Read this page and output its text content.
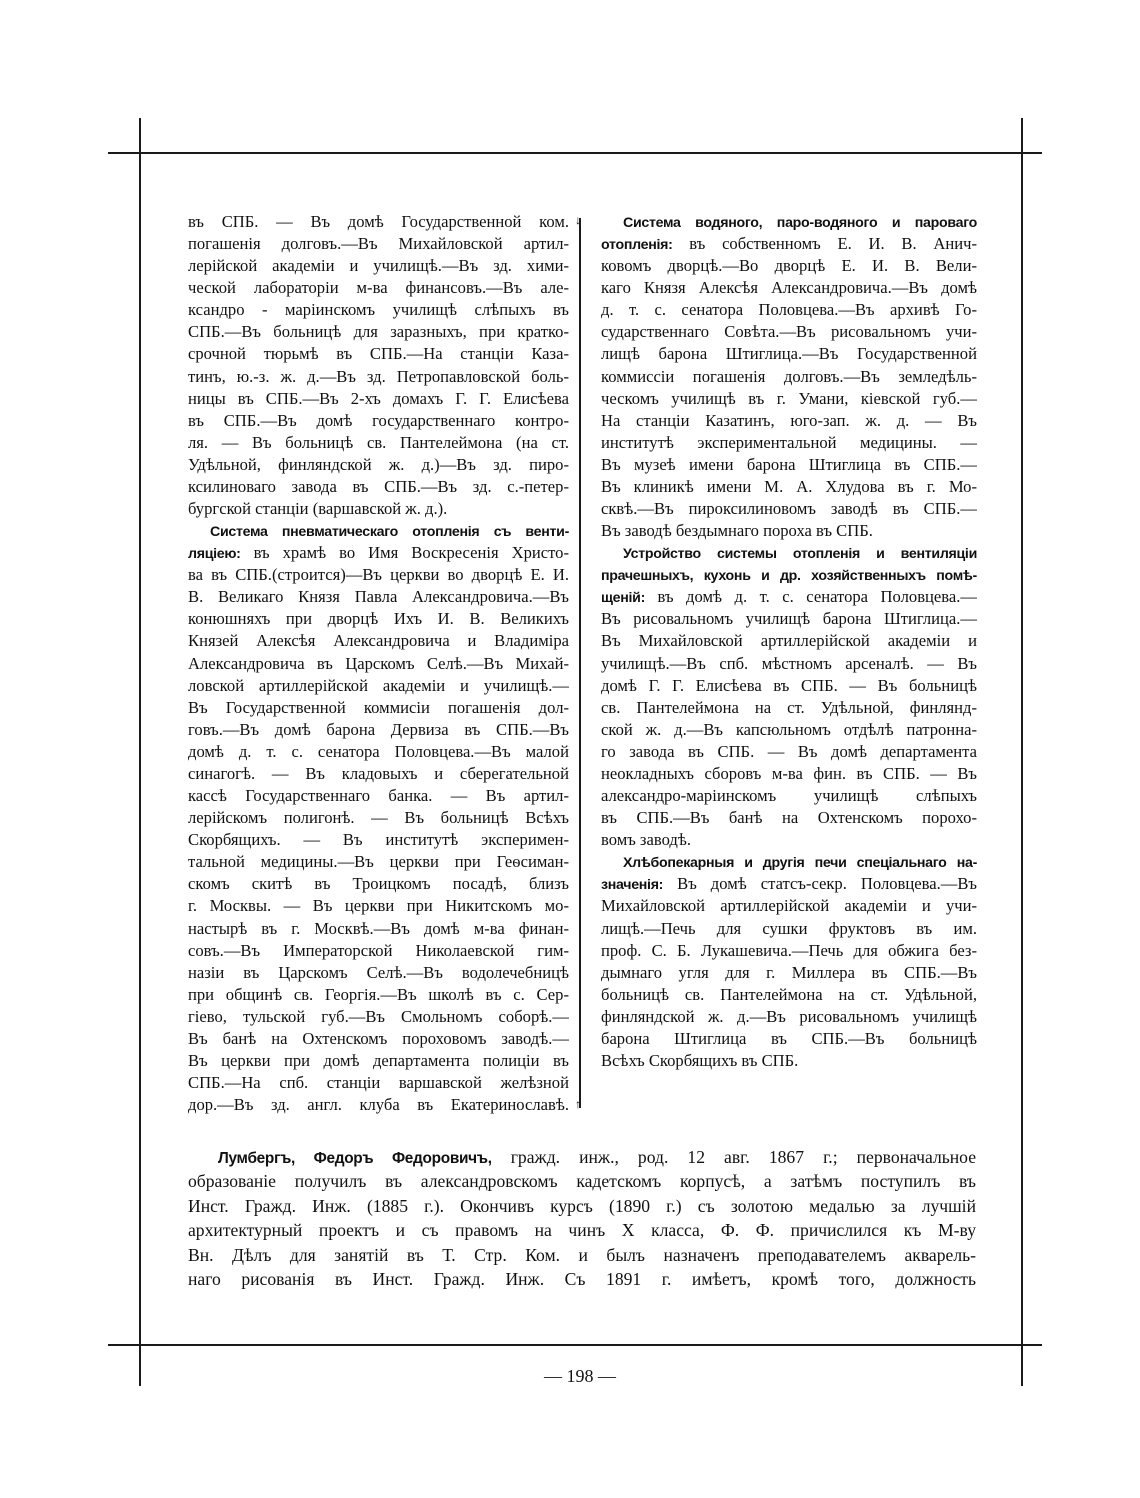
↓
↑
въ СПБ. — Въ домѣ Государственной ком.
погашенія долговъ.—Въ Михайловской артил-
лерійской академіи и училищѣ.—Въ зд. хими-
ческой лабораторіи м-ва финансовъ.—Въ але-
ксандро - маріинскомъ училищѣ слѣпыхъ въ
СПБ.—Въ больницѣ для заразныхъ, при кратко-
срочной тюрьмѣ въ СПБ.—На станціи Каза-
тинъ, ю.-з. ж. д.—Въ зд. Петропавловской боль-
ницы въ СПБ.—Въ 2-хъ домахъ Г. Г. Елисѣева
въ СПБ.—Въ домѣ государственнаго контро-
ля. — Въ больницѣ св. Пантелеймона (на ст.
Удѣльной, финляндской ж. д.)—Въ зд. пиро-
ксилиноваго завода въ СПБ.—Въ зд. с.-петер-
бургской станціи (варшавской ж. д.).
Система пневматическаго отопленія съ венти-
ляціею: въ храмѣ во Имя Воскресенія Христо-
ва въ СПБ.(строится)—Въ церкви во дворцѣ Е. И.
В. Великаго Князя Павла Александровича.—Въ
конюшняхъ при дворцѣ Ихъ И. В. Великихъ
Князей Алексѣя Александровича и Владиміра
Александровича въ Царскомъ Селѣ.—Въ Михай-
ловской артиллерійской академіи и училищѣ.—
Въ Государственной коммисіи погашенія дол-
говъ.—Въ домѣ барона Дервиза въ СПБ.—Въ
домѣ д. т. с. сенатора Половцева.—Въ малой
синагогѣ. — Въ кладовыхъ и сберегательной
кассѣ Государственнаго банка. — Въ артил-
лерійскомъ полигонѣ. — Въ больницѣ Всѣхъ
Скорбящихъ. — Въ институтѣ эксперимен-
тальной медицины.—Въ церкви при Геѳсиман-
скомъ скитѣ въ Троицкомъ посадѣ, близъ
г. Москвы. — Въ церкви при Никитскомъ мо-
настырѣ въ г. Москвѣ.—Въ домѣ м-ва финан-
совъ.—Въ Императорской Николаевской гим-
назіи въ Царскомъ Селѣ.—Въ водолечебницѣ
при общинѣ св. Георгія.—Въ школѣ въ с. Сер-
гіево, тульской губ.—Въ Смольномъ соборѣ.—
Въ банѣ на Охтенскомъ пороховомъ заводѣ.—
Въ церкви при домѣ департамента полиціи въ
СПБ.—На спб. станціи варшавской желѣзной
дор.—Въ зд. англ. клуба въ Екатеринославѣ.
Система водяного, паро-водяного и пароваго
отопленія: въ собственномъ Е. И. В. Анич-
ковомъ дворцѣ.—Во дворцѣ Е. И. В. Вели-
каго Князя Алексѣя Александровича.—Въ домѣ
д. т. с. сенатора Половцева.—Въ архивѣ Го-
сударственнаго Совѣта.—Въ рисовальномъ учи-
лищѣ барона Штиглица.—Въ Государственной
коммиссіи погашенія долговъ.—Въ земледѣль-
ческомъ училищѣ въ г. Умани, кіевской губ.—
На станціи Казатинъ, юго-зап. ж. д. — Въ
институтѣ экспериментальной медицины. —
Въ музеѣ имени барона Штиглица въ СПБ.—
Въ клиникѣ имени М. А. Хлудова въ г. Мо-
сквѣ.—Въ пироксилиновомъ заводѣ въ СПБ.—
Въ заводѣ бездымнаго пороха въ СПБ.
Устройство системы отопленія и вентиляціи
прачешныхъ, кухонь и др. хозяйственныхъ помѣ-
щеній: въ домѣ д. т. с. сенатора Половцева.—
Въ рисовальномъ училищѣ барона Штиглица.—
Въ Михайловской артиллерійской академіи и
училищѣ.—Въ спб. мѣстномъ арсеналѣ. — Въ
домѣ Г. Г. Елисѣева въ СПБ. — Въ больницѣ
св. Пантелеймона на ст. Удѣльной, финлянд-
ской ж. д.—Въ капсюльномъ отдѣлѣ патронна-
го завода въ СПБ. — Въ домѣ департамента
неокладныхъ сборовъ м-ва фин. въ СПБ. — Въ
александро-маріинскомъ училищѣ слѣпыхъ
въ СПБ.—Въ банѣ на Охтенскомъ порохо-
вомъ заводѣ.
Хлѣбопекарныя и другія печи спеціальнаго на-
значенія: Въ домѣ статсъ-секр. Половцева.—Въ
Михайловской артиллерійской академіи и учи-
лищѣ.—Печь для сушки фруктовъ въ им.
проф. С. Б. Лукашевича.—Печь для обжига без-
дымнаго угля для г. Миллера въ СПБ.—Въ
больницѣ св. Пантелеймона на ст. Удѣльной,
финляндской ж. д.—Въ рисовальномъ училищѣ
барона Штиглица въ СПБ.—Въ больницѣ
Всѣхъ Скорбящихъ въ СПБ.
Лумбергъ, Федоръ Федоровичъ, гражд. инж., род. 12 авг. 1867 г.; первоначальное
образованіе получилъ въ александровскомъ кадетскомъ корпусѣ, а затѣмъ поступилъ въ
Инст. Гражд. Инж. (1885 г.). Окончивъ курсъ (1890 г.) съ золотою медалью за лучшій
архитектурный проектъ и съ правомъ на чинъ X класса, Ф. Ф. причислился къ М-ву
Вн. Дѣлъ для занятій въ Т. Стр. Ком. и былъ назначенъ преподавателемъ акварель-
наго рисованія въ Инст. Гражд. Инж. Съ 1891 г. имѣетъ, кромѣ того, должность
— 198 —
